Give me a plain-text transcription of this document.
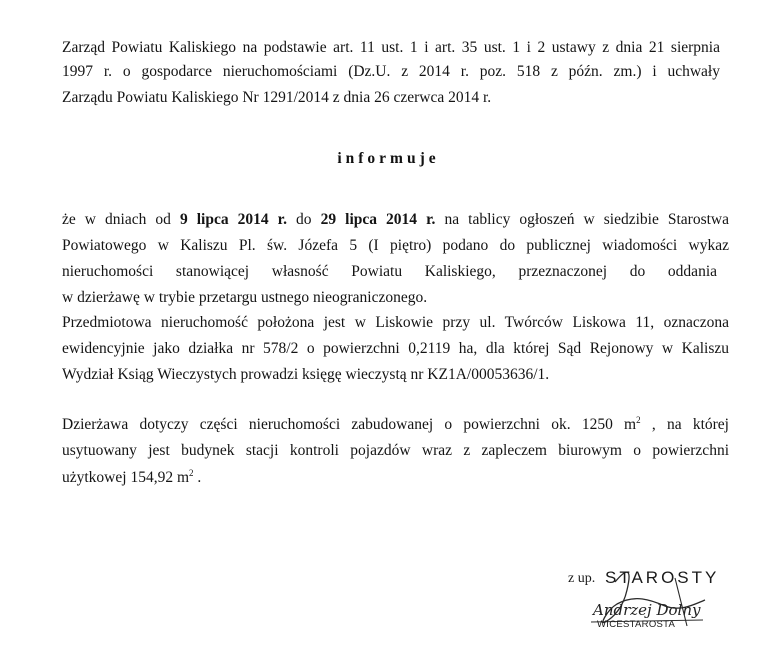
Zarząd Powiatu Kaliskiego na podstawie art. 11 ust. 1 i art. 35 ust. 1 i 2 ustawy z dnia 21 sierpnia
1997 r. o gospodarce nieruchomościami (Dz.U. z 2014 r. poz. 518 z późn. zm.) i uchwały
Zarządu Powiatu Kaliskiego Nr 1291/2014 z dnia 26 czerwca 2014 r.
informuje
że w dniach od 9 lipca 2014 r. do 29 lipca 2014 r. na tablicy ogłoszeń w siedzibie Starostwa
Powiatowego w Kaliszu Pl. św. Józefa 5 (I piętro) podano do publicznej wiadomości wykaz
nieruchomości stanowiącej własność Powiatu Kaliskiego, przeznaczonej do oddania
w dzierżawę w trybie przetargu ustnego nieograniczonego.
Przedmiotowa nieruchomość położona jest w Liskowie przy ul. Twórców Liskowa 11, oznaczona
ewidencyjnie jako działka nr 578/2 o powierzchni 0,2119 ha, dla której Sąd Rejonowy w Kaliszu
Wydział Ksiąg Wieczystych prowadzi księgę wieczystą nr KZ1A/00053636/1.
Dzierżawa dotyczy części nieruchomości zabudowanej o powierzchni ok. 1250 $m^2$ , na której
usytuowany jest budynek stacji kontroli pojazdów wraz z zapleczem biurowym o powierzchni
użytkowej 154,92 $m^2$ .
z up. STAROSTY
Andrzej Dolny
WICESTAROSTA
